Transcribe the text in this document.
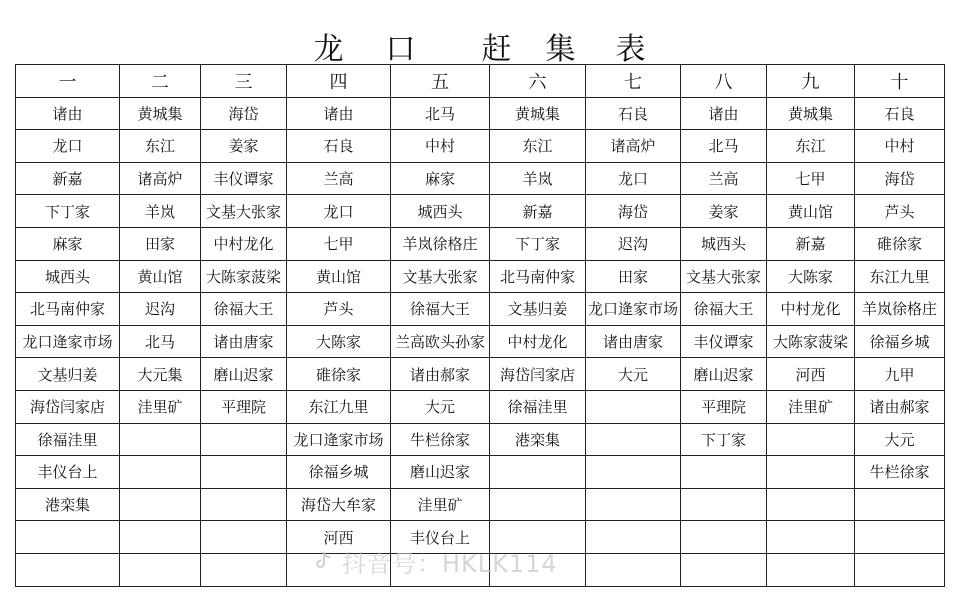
龙 口 赶 集 表
一	二	三	四	五	六	七	八	九	十
诸由	黄城集	海岱	诸由	北马	黄城集	石良	诸由	黄城集	石良
龙口	东江	姜家	石良	中村	东江	诸高炉	北马	东江	中村
新嘉	诸高炉	丰仪谭家	兰高	麻家	羊岚	龙口	兰高	七甲	海岱
下丁家	羊岚	文基大张家	龙口	城西头	新嘉	海岱	姜家	黄山馆	芦头
麻家	田家	中村龙化	七甲	羊岚徐格庄	下丁家	迟沟	城西头	新嘉	碓徐家
城西头	黄山馆	大陈家菠桬	黄山馆	文基大张家	北马南仲家	田家	文基大张家	大陈家	东江九里
北马南仲家	迟沟	徐福大王	芦头	徐福大王	文基归姜	龙口逄家市场	徐福大王	中村龙化	羊岚徐格庄
龙口逄家市场	北马	诸由唐家	大陈家	兰高欧头孙家	中村龙化	诸由唐家	丰仪谭家	大陈家菠桬	徐福乡城
文基归姜	大元集	磨山迟家	碓徐家	诸由郝家	海岱闫家店	大元	磨山迟家	河西	九甲
海岱闫家店	洼里矿	平理院	东江九里	大元	徐福洼里		平理院	洼里矿	诸由郝家
徐福洼里			龙口逄家市场	牛栏徐家	港栾集		下丁家		大元
丰仪台上			徐福乡城	磨山迟家					牛栏徐家
港栾集			海岱大牟家	洼里矿					
			河西	丰仪台上					

抖音号：HKLK114
